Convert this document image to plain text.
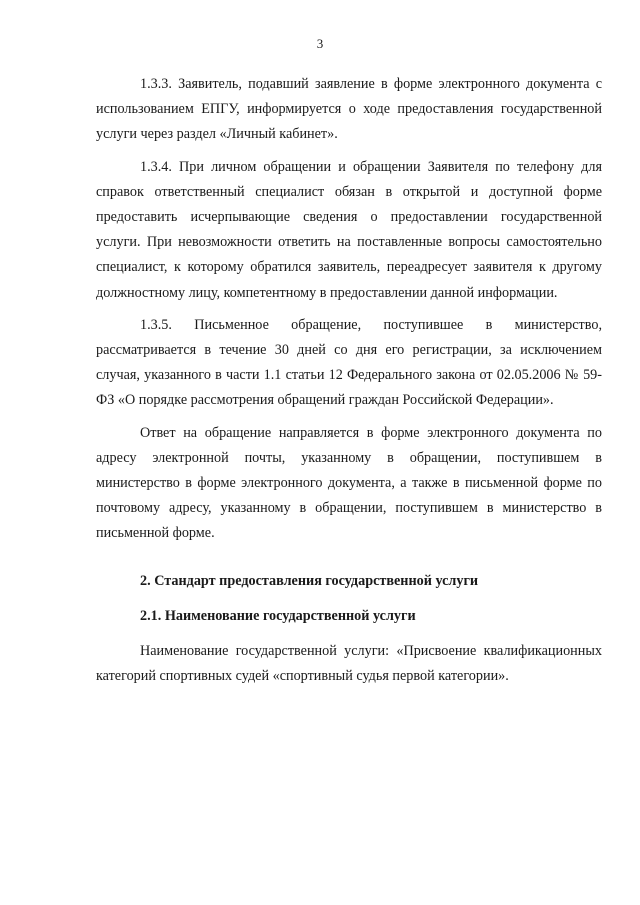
3

1.3.3. Заявитель, подавший заявление в форме электронного документа с использованием ЕПГУ, информируется о ходе предоставления государственной услуги через раздел «Личный кабинет».

1.3.4. При личном обращении и обращении Заявителя по телефону для справок ответственный специалист обязан в открытой и доступной форме предоставить исчерпывающие сведения о предоставлении государственной услуги. При невозможности ответить на поставленные вопросы самостоятельно специалист, к которому обратился заявитель, переадресует заявителя к другому должностному лицу, компетентному в предоставлении данной информации.

1.3.5. Письменное обращение, поступившее в министерство, рассматривается в течение 30 дней со дня его регистрации, за исключением случая, указанного в части 1.1 статьи 12 Федерального закона от 02.05.2006 № 59-ФЗ «О порядке рассмотрения обращений граждан Российской Федерации».

Ответ на обращение направляется в форме электронного документа по адресу электронной почты, указанному в обращении, поступившем в министерство в форме электронного документа, а также в письменной форме по почтовому адресу, указанному в обращении, поступившем в министерство в письменной форме.

2. Стандарт предоставления государственной услуги

2.1. Наименование государственной услуги

Наименование государственной услуги: «Присвоение квалификационных категорий спортивных судей «спортивный судья первой категории».
